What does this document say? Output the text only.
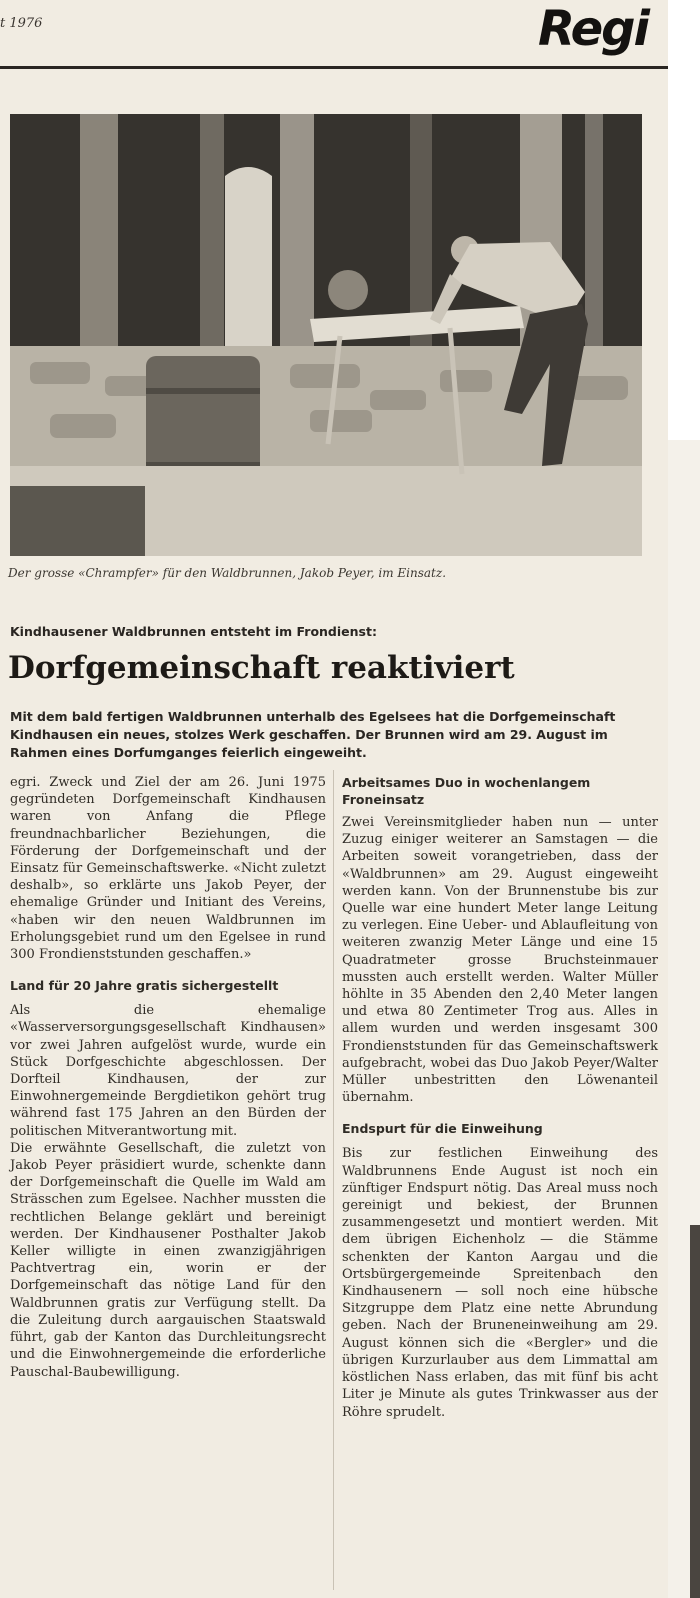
t 1976	Regi
Der grosse «Chrampfer» für den Waldbrunnen, Jakob Peyer, im Einsatz.
Kindhausener Waldbrunnen entsteht im Frondienst:
Dorfgemeinschaft reaktiviert
Mit dem bald fertigen Waldbrunnen unterhalb des Egelsees hat die Dorfgemeinschaft Kindhausen ein neues, stolzes Werk geschaffen. Der Brunnen wird am 29. August im Rahmen eines Dorfumganges feierlich eingeweiht.

egri. Zweck und Ziel der am 26. Juni 1975 gegründeten Dorfgemeinschaft Kindhausen waren von Anfang die Pflege freundnachbarlicher Beziehungen, die Förderung der Dorfgemeinschaft und der Einsatz für Gemeinschaftswerke. «Nicht zuletzt deshalb», so erklärte uns Jakob Peyer, der ehemalige Gründer und Initiant des Vereins, «haben wir den neuen Waldbrunnen im Erholungsgebiet rund um den Egelsee in rund 300 Frondienststunden geschaffen.»

Land für 20 Jahre gratis sichergestellt

Als die ehemalige «Wasserversorgungsgesellschaft Kindhausen» vor zwei Jahren aufgelöst wurde, wurde ein Stück Dorfgeschichte abgeschlossen. Der Dorfteil Kindhausen, der zur Einwohnergemeinde Bergdietikon gehört trug während fast 175 Jahren an den Bürden der politischen Mitverantwortung mit.

Die erwähnte Gesellschaft, die zuletzt von Jakob Peyer präsidiert wurde, schenkte dann der Dorfgemeinschaft die Quelle im Wald am Strässchen zum Egelsee. Nachher mussten die rechtlichen Belange geklärt und bereinigt werden. Der Kindhausener Posthalter Jakob Keller willigte in einen zwanzigjährigen Pachtvertrag ein, worin er der Dorfgemeinschaft das nötige Land für den Waldbrunnen gratis zur Verfügung stellt. Da die Zuleitung durch aargauischen Staatswald führt, gab der Kanton das Durchleitungsrecht und die Einwohnergemeinde die erforderliche Pauschal-Baubewilligung.

Arbeitsames Duo in wochenlangem Froneinsatz

Zwei Vereinsmitglieder haben nun — unter Zuzug einiger weiterer an Samstagen — die Arbeiten soweit vorangetrieben, dass der «Waldbrunnen» am 29. August eingeweiht werden kann. Von der Brunnenstube bis zur Quelle war eine hundert Meter lange Leitung zu verlegen. Eine Ueber- und Ablaufleitung von weiteren zwanzig Meter Länge und eine 15 Quadratmeter grosse Bruchsteinmauer mussten auch erstellt werden. Walter Müller höhlte in 35 Abenden den 2,40 Meter langen und etwa 80 Zentimeter Trog aus. Alles in allem wurden und werden insgesamt 300 Frondienststunden für das Gemeinschaftswerk aufgebracht, wobei das Duo Jakob Peyer/Walter Müller unbestritten den Löwenanteil übernahm.

Endspurt für die Einweihung

Bis zur festlichen Einweihung des Waldbrunnens Ende August ist noch ein zünftiger Endspurt nötig. Das Areal muss noch gereinigt und bekiest, der Brunnen zusammengesetzt und montiert werden. Mit dem übrigen Eichenholz — die Stämme schenkten der Kanton Aargau und die Ortsbürgergemeinde Spreitenbach den Kindhausenern — soll noch eine hübsche Sitzgruppe dem Platz eine nette Abrundung geben. Nach der Bruneneinweihung am 29. August können sich die «Bergler» und die übrigen Kurzurlauber aus dem Limmattal am köstlichen Nass erlaben, das mit fünf bis acht Liter je Minute als gutes Trinkwasser aus der Röhre sprudelt.
